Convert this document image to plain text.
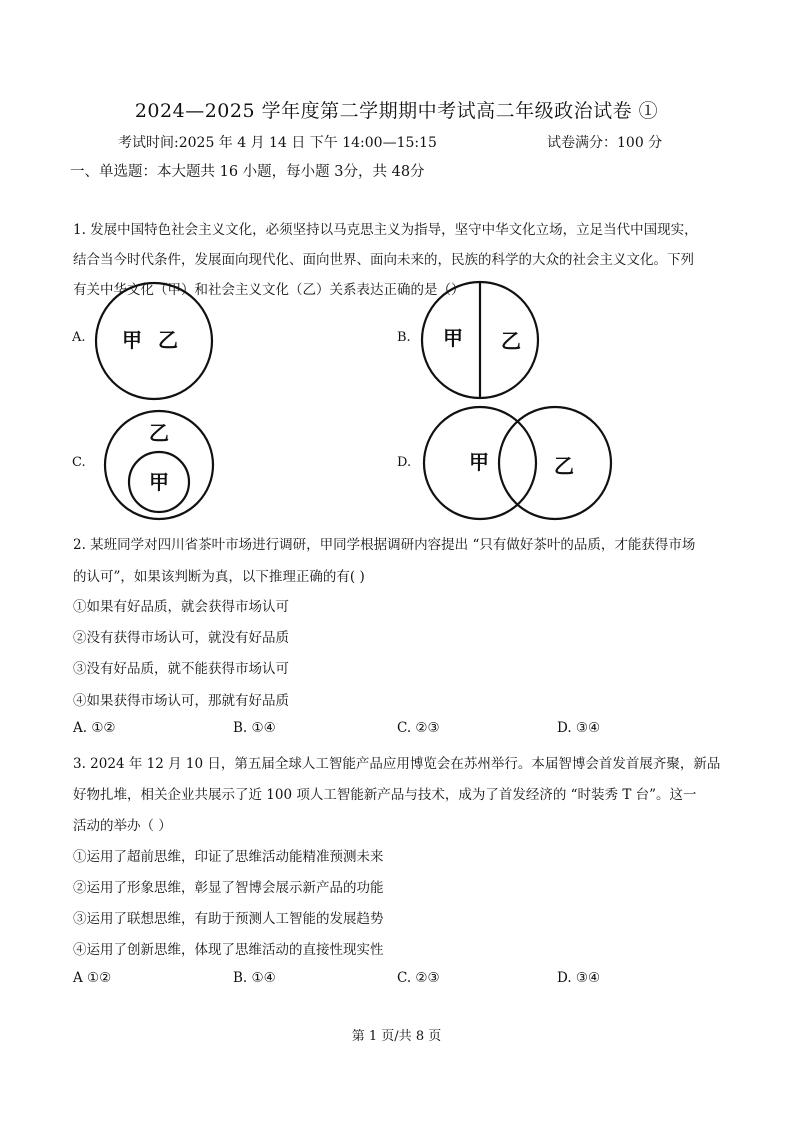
2024—2025 学年度第二学期期中考试高二年级政治试卷 ①
考试时间:2025 年 4 月 14 日 下午 14:00—15:15	试卷满分：100 分
一、单选题：本大题共 16 小题，每小题 3分，共 48分
1. 发展中国特色社会主义文化，必须坚持以马克思主义为指导，坚守中华文化立场，立足当代中国现实，
结合当今时代条件，发展面向现代化、面向世界、面向未来的，民族的科学的大众的社会主义文化。下列
有关中华文化（甲）和社会主义文化（乙）关系表达正确的是（）
A. 甲 乙	B. 甲 乙
C.
乙
甲
D.	甲	乙
2. 某班同学对四川省茶叶市场进行调研，甲同学根据调研内容提出 “只有做好茶叶的品质，才能获得市场
的认可”，如果该判断为真，以下推理正确的有( )
①如果有好品质，就会获得市场认可
②没有获得市场认可，就没有好品质
③没有好品质，就不能获得市场认可
④如果获得市场认可，那就有好品质
A. ①②	B. ①④	C. ②③	D. ③④
3. 2024 年 12 月 10 日，第五届全球人工智能产品应用博览会在苏州举行。本届智博会首发首展齐聚，新品
好物扎堆，相关企业共展示了近 100 项人工智能新产品与技术，成为了首发经济的 “时装秀 T 台”。这一
活动的举办（ ）
①运用了超前思维，印证了思维活动能精准预测未来
②运用了形象思维，彰显了智博会展示新产品的功能
③运用了联想思维，有助于预测人工智能的发展趋势
④运用了创新思维，体现了思维活动的直接性现实性
A ①②	B. ①④	C. ②③	D. ③④
第 1 页/共 8 页
